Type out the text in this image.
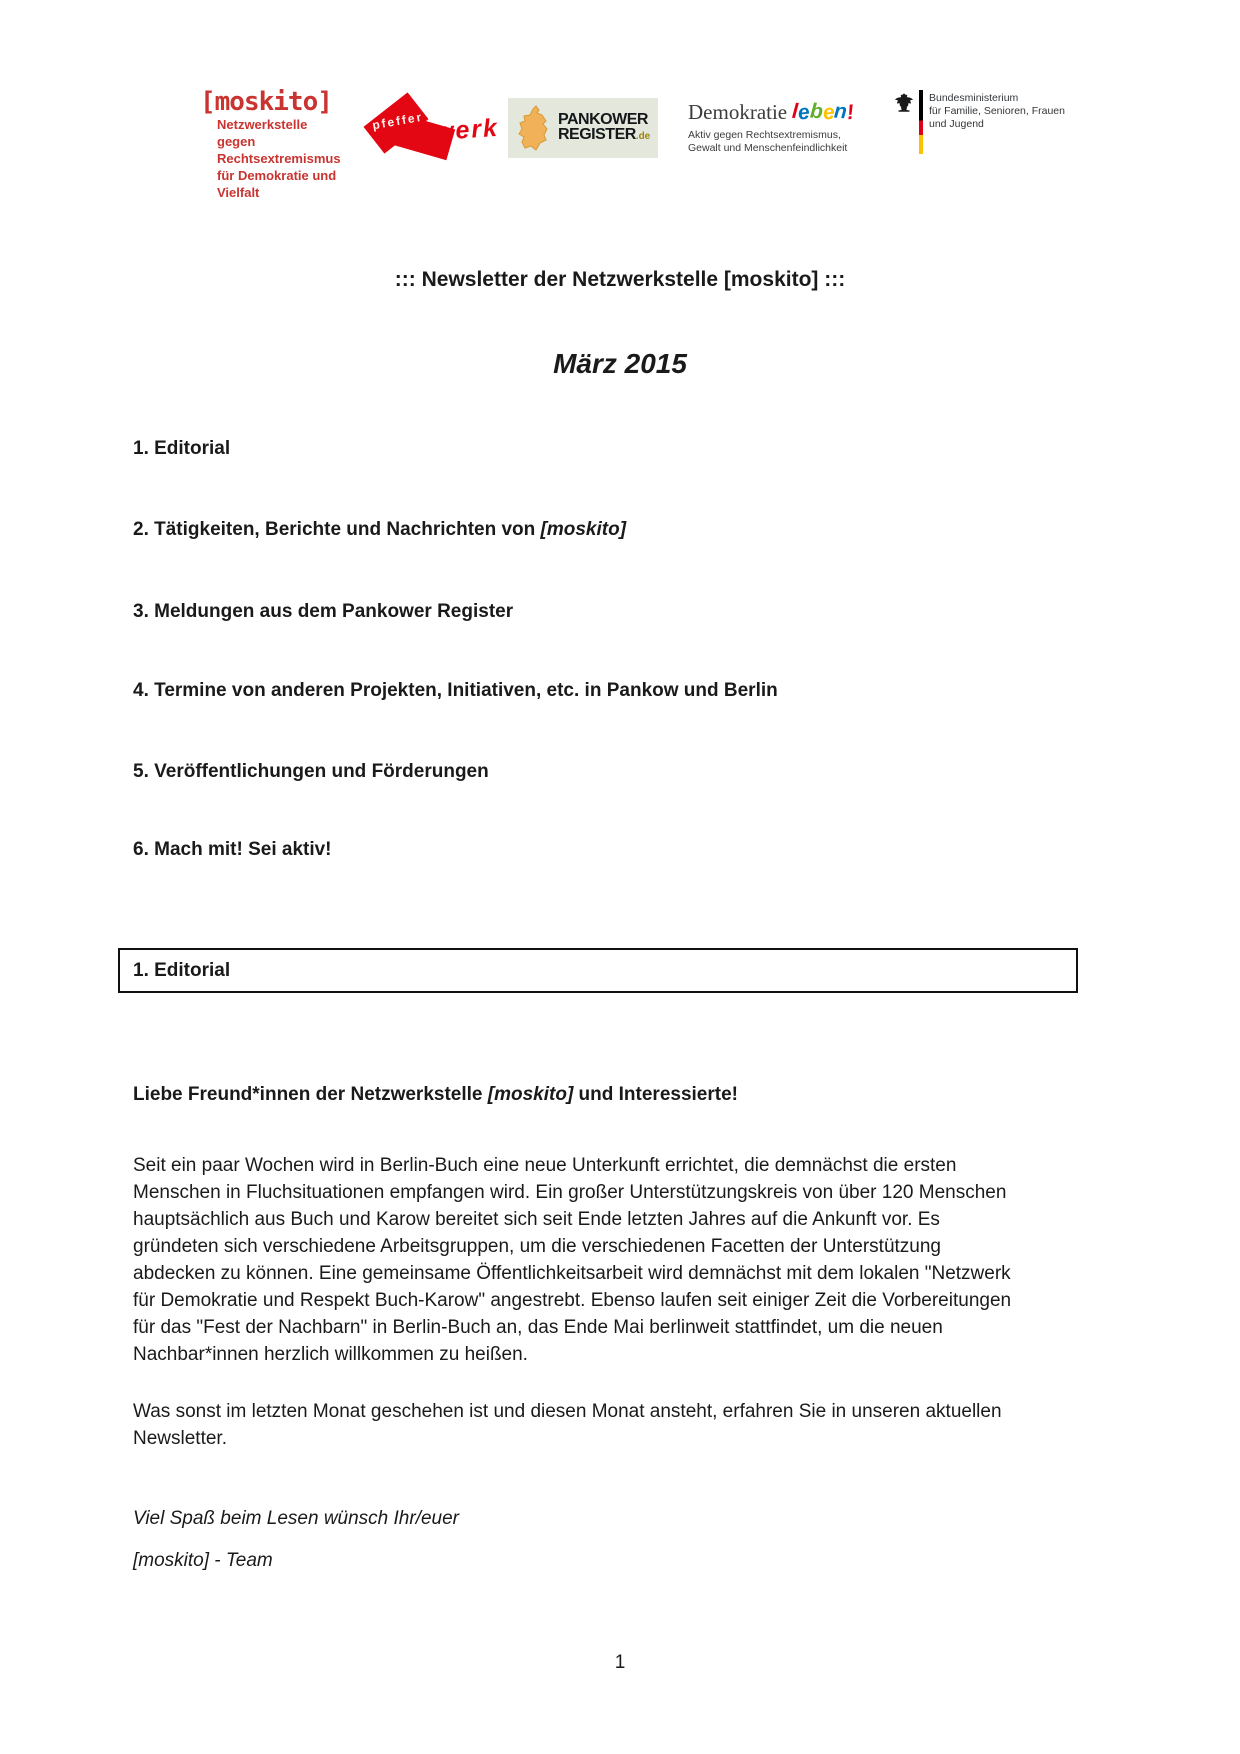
[moskito]
Netzwerkstelle
gegen Rechtsextremismus
für Demokratie und Vielfalt
pfeffer werk	PANKOWER
REGISTER.de
Demokratie leben!
Aktiv gegen Rechtsextremismus,
Gewalt und Menschenfeindlichkeit
Bundesministerium
für Familie, Senioren, Frauen
und Jugend
::: Newsletter der Netzwerkstelle [moskito] :::
März 2015
1. Editorial
2. Tätigkeiten, Berichte und Nachrichten von [moskito]
3. Meldungen aus dem Pankower Register
4. Termine von anderen Projekten, Initiativen, etc. in Pankow und Berlin
5. Veröffentlichungen und Förderungen
6. Mach mit! Sei aktiv!
1. Editorial

Liebe Freund*innen der Netzwerkstelle [moskito] und Interessierte!

Seit ein paar Wochen wird in Berlin-Buch eine neue Unterkunft errichtet, die demnächst die ersten Menschen in Fluchsituationen empfangen wird. Ein großer Unterstützungskreis von über 120 Menschen hauptsächlich aus Buch und Karow bereitet sich seit Ende letzten Jahres auf die Ankunft vor. Es gründeten sich verschiedene Arbeitsgruppen, um die verschiedenen Facetten der Unterstützung abdecken zu können. Eine gemeinsame Öffentlichkeitsarbeit wird demnächst mit dem lokalen "Netzwerk für Demokratie und Respekt Buch-Karow" angestrebt. Ebenso laufen seit einiger Zeit die Vorbereitungen für das "Fest der Nachbarn" in Berlin-Buch an, das Ende Mai berlinweit stattfindet, um die neuen Nachbar*innen herzlich willkommen zu heißen.

Was sonst im letzten Monat geschehen ist und diesen Monat ansteht, erfahren Sie in unseren aktuellen Newsletter.

Viel Spaß beim Lesen wünsch Ihr/euer

[moskito] - Team

1
